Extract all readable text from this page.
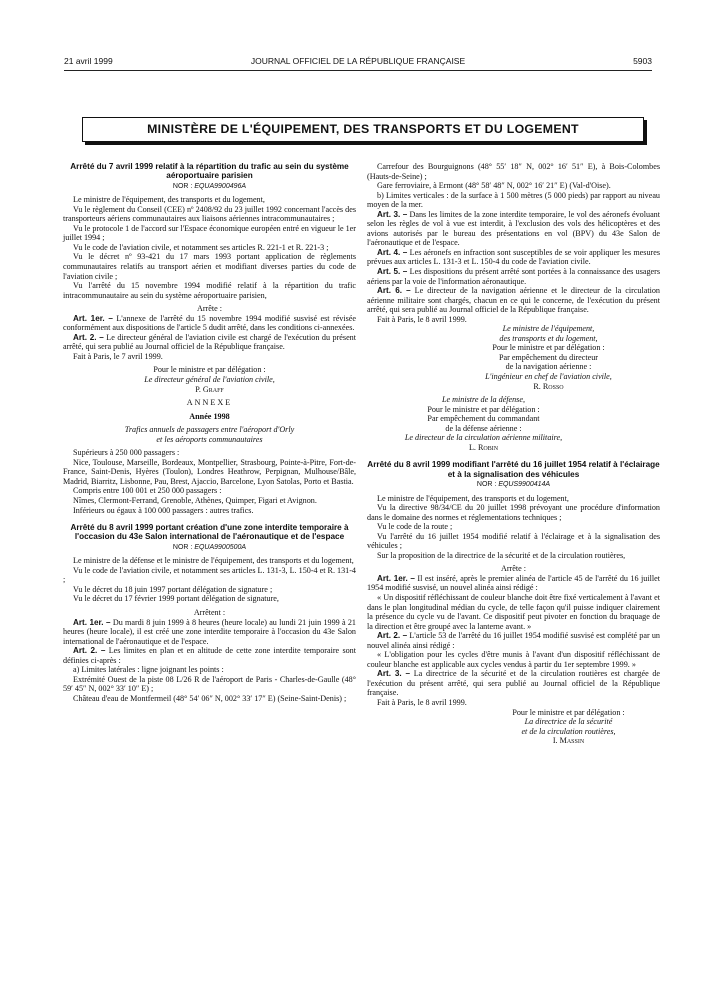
21 avril 1999	JOURNAL OFFICIEL DE LA RÉPUBLIQUE FRANÇAISE	5903
MINISTÈRE DE L'ÉQUIPEMENT, DES TRANSPORTS ET DU LOGEMENT
Arrêté du 7 avril 1999 relatif à la répartition du trafic au sein du système aéroportuaire parisien
NOR : EQUA9900496A

Le ministre de l'équipement, des transports et du logement,

Vu le règlement du Conseil (CEE) nº 2408/92 du 23 juillet 1992 concernant l'accès des transporteurs aériens communautaires aux liaisons aériennes intracommunautaires ;

Vu le protocole 1 de l'accord sur l'Espace économique européen entré en vigueur le 1er juillet 1994 ;

Vu le code de l'aviation civile, et notamment ses articles R. 221-1 et R. 221-3 ;

Vu le décret nº 93-421 du 17 mars 1993 portant application de règlements communautaires relatifs au transport aérien et modifiant diverses parties du code de l'aviation civile ;

Vu l'arrêté du 15 novembre 1994 modifié relatif à la répartition du trafic intracommunautaire au sein du système aéroportuaire parisien,

Arrête :

Art. 1er. – L'annexe de l'arrêté du 15 novembre 1994 modifié susvisé est révisée conformément aux dispositions de l'article 5 dudit arrêté, dans les conditions ci-annexées.

Art. 2. – Le directeur général de l'aviation civile est chargé de l'exécution du présent arrêté, qui sera publié au Journal officiel de la République française.

Fait à Paris, le 7 avril 1999.

Pour le ministre et par délégation :
Le directeur général de l'aviation civile,
P. Graff
ANNEXE
Année 1998
Trafics annuels de passagers entre l'aéroport d'Orly
et les aéroports communautaires

Supérieurs à 250 000 passagers :

Nice, Toulouse, Marseille, Bordeaux, Montpellier, Strasbourg, Pointe-à-Pitre, Fort-de-France, Saint-Denis, Hyères (Toulon), Londres Heathrow, Perpignan, Mulhouse/Bâle, Madrid, Biarritz, Lisbonne, Pau, Brest, Ajaccio, Barcelone, Lyon Satolas, Porto et Bastia.

Compris entre 100 001 et 250 000 passagers :

Nîmes, Clermont-Ferrand, Grenoble, Athènes, Quimper, Figari et Avignon.

Inférieurs ou égaux à 100 000 passagers : autres trafics.

Arrêté du 8 avril 1999 portant création d'une zone interdite temporaire à l'occasion du 43e Salon international de l'aéronautique et de l'espace
NOR : EQUA9900500A

Le ministre de la défense et le ministre de l'équipement, des transports et du logement,

Vu le code de l'aviation civile, et notamment ses articles L. 131-3, L. 150-4 et R. 131-4 ;

Vu le décret du 18 juin 1997 portant délégation de signature ;

Vu le décret du 17 février 1999 portant délégation de signature,

Arrêtent :

Art. 1er. – Du mardi 8 juin 1999 à 8 heures (heure locale) au lundi 21 juin 1999 à 21 heures (heure locale), il est créé une zone interdite temporaire à l'occasion du 43e Salon international de l'aéronautique et de l'espace.

Art. 2. – Les limites en plan et en altitude de cette zone interdite temporaire sont définies ci-après :

a) Limites latérales : ligne joignant les points :

Extrémité Ouest de la piste 08 L/26 R de l'aéroport de Paris - Charles-de-Gaulle (48° 59′ 45″ N, 002° 33′ 10″ E) ;

Château d'eau de Montfermeil (48° 54′ 06″ N, 002° 33′ 17″ E) (Seine-Saint-Denis) ;

Carrefour des Bourguignons (48° 55′ 18″ N, 002° 16′ 51″ E), à Bois-Colombes (Hauts-de-Seine) ;

Gare ferroviaire, à Ermont (48° 58′ 48″ N, 002° 16′ 21″ E) (Val-d'Oise).

b) Limites verticales : de la surface à 1 500 mètres (5 000 pieds) par rapport au niveau moyen de la mer.

Art. 3. – Dans les limites de la zone interdite temporaire, le vol des aéronefs évoluant selon les règles de vol à vue est interdit, à l'exclusion des vols des hélicoptères et des avions autorisés par le bureau des présentations en vol (BPV) du 43e Salon de l'aéronautique et de l'espace.

Art. 4. – Les aéronefs en infraction sont susceptibles de se voir appliquer les mesures prévues aux articles L. 131-3 et L. 150-4 du code de l'aviation civile.

Art. 5. – Les dispositions du présent arrêté sont portées à la connaissance des usagers aériens par la voie de l'information aéronautique.

Art. 6. – Le directeur de la navigation aérienne et le directeur de la circulation aérienne militaire sont chargés, chacun en ce qui le concerne, de l'exécution du présent arrêté, qui sera publié au Journal officiel de la République française.

Fait à Paris, le 8 avril 1999.

Le ministre de l'équipement,
des transports et du logement,
Pour le ministre et par délégation :
Par empêchement du directeur
de la navigation aérienne :
L'ingénieur en chef de l'aviation civile,
R. Rosso
Le ministre de la défense,
Pour le ministre et par délégation :
Par empêchement du commandant
de la défense aérienne :
Le directeur de la circulation aérienne militaire,
L. Robin
Arrêté du 8 avril 1999 modifiant l'arrêté du 16 juillet 1954 relatif à l'éclairage et à la signalisation des véhicules
NOR : EQUS9900414A

Le ministre de l'équipement, des transports et du logement,

Vu la directive 98/34/CE du 20 juillet 1998 prévoyant une procédure d'information dans le domaine des normes et réglementations techniques ;

Vu le code de la route ;

Vu l'arrêté du 16 juillet 1954 modifié relatif à l'éclairage et à la signalisation des véhicules ;

Sur la proposition de la directrice de la sécurité et de la circulation routières,

Arrête :

Art. 1er. – Il est inséré, après le premier alinéa de l'article 45 de l'arrêté du 16 juillet 1954 modifié susvisé, un nouvel alinéa ainsi rédigé :

« Un dispositif réfléchissant de couleur blanche doit être fixé verticalement à l'avant et dans le plan longitudinal médian du cycle, de telle façon qu'il puisse indiquer clairement la présence du cycle vu de l'avant. Ce dispositif peut pivoter en fonction du braquage de la direction et être groupé avec la lanterne avant. »

Art. 2. – L'article 53 de l'arrêté du 16 juillet 1954 modifié susvisé est complété par un nouvel alinéa ainsi rédigé :

« L'obligation pour les cycles d'être munis à l'avant d'un dispositif réfléchissant de couleur blanche est applicable aux cycles vendus à partir du 1er septembre 1999. »

Art. 3. – La directrice de la sécurité et de la circulation routières est chargée de l'exécution du présent arrêté, qui sera publié au Journal officiel de la République française.

Fait à Paris, le 8 avril 1999.

Pour le ministre et par délégation :
La directrice de la sécurité
et de la circulation routières,
I. Massin
